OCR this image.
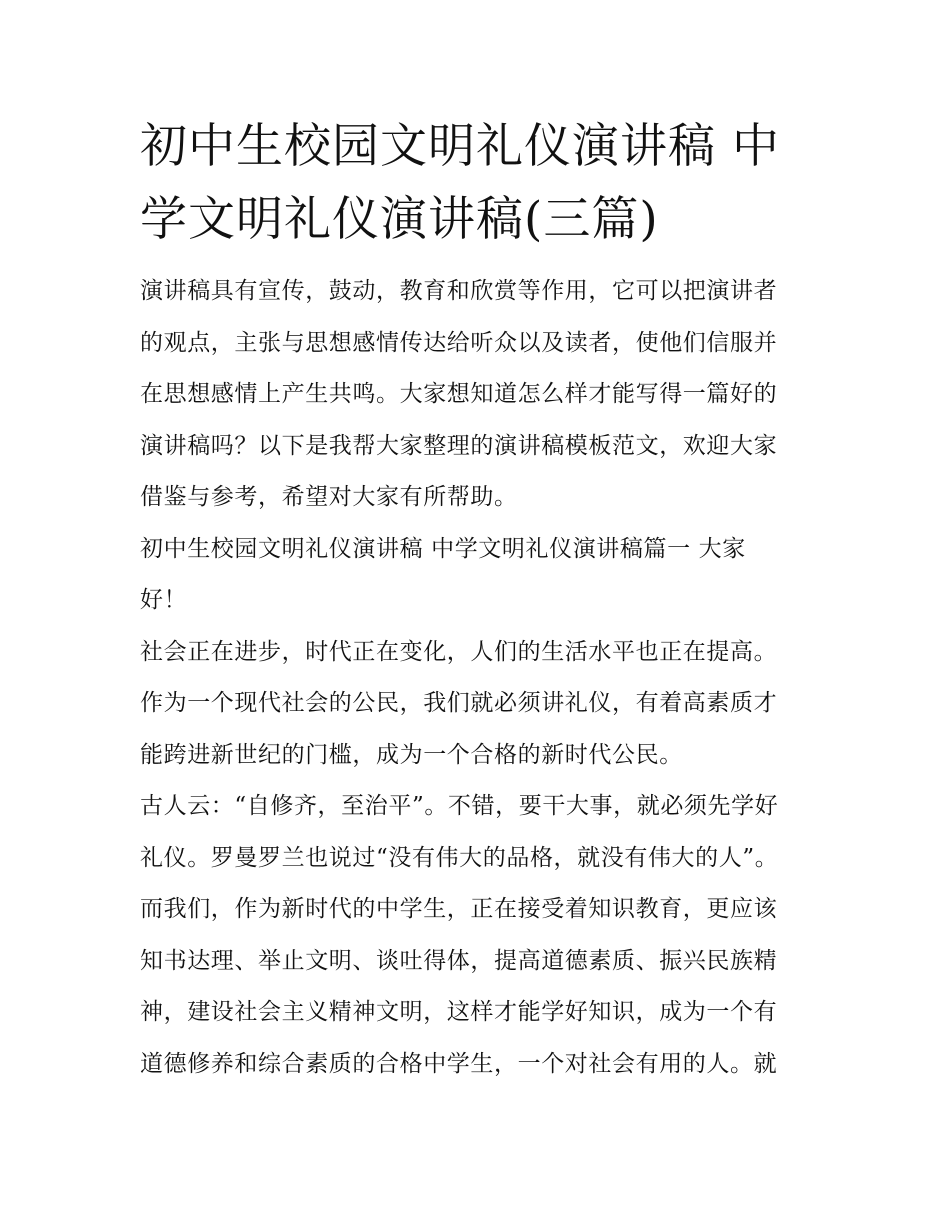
初中生校园文明礼仪演讲稿 中
学文明礼仪演讲稿(三篇)

演讲稿具有宣传，鼓动，教育和欣赏等作用，它可以把演讲者
的观点，主张与思想感情传达给听众以及读者，使他们信服并
在思想感情上产生共鸣。大家想知道怎么样才能写得一篇好的
演讲稿吗？以下是我帮大家整理的演讲稿模板范文，欢迎大家
借鉴与参考，希望对大家有所帮助。

初中生校园文明礼仪演讲稿 中学文明礼仪演讲稿篇一 大家
好！

社会正在进步，时代正在变化，人们的生活水平也正在提高。
作为一个现代社会的公民，我们就必须讲礼仪，有着高素质才
能跨进新世纪的门槛，成为一个合格的新时代公民。

古人云：“自修齐，至治平”。不错，要干大事，就必须先学好
礼仪。罗曼罗兰也说过“没有伟大的品格，就没有伟大的人”。
而我们，作为新时代的中学生，正在接受着知识教育，更应该
知书达理、举止文明、谈吐得体，提高道德素质、振兴民族精
神，建设社会主义精神文明，这样才能学好知识，成为一个有
道德修养和综合素质的合格中学生，一个对社会有用的人。就
